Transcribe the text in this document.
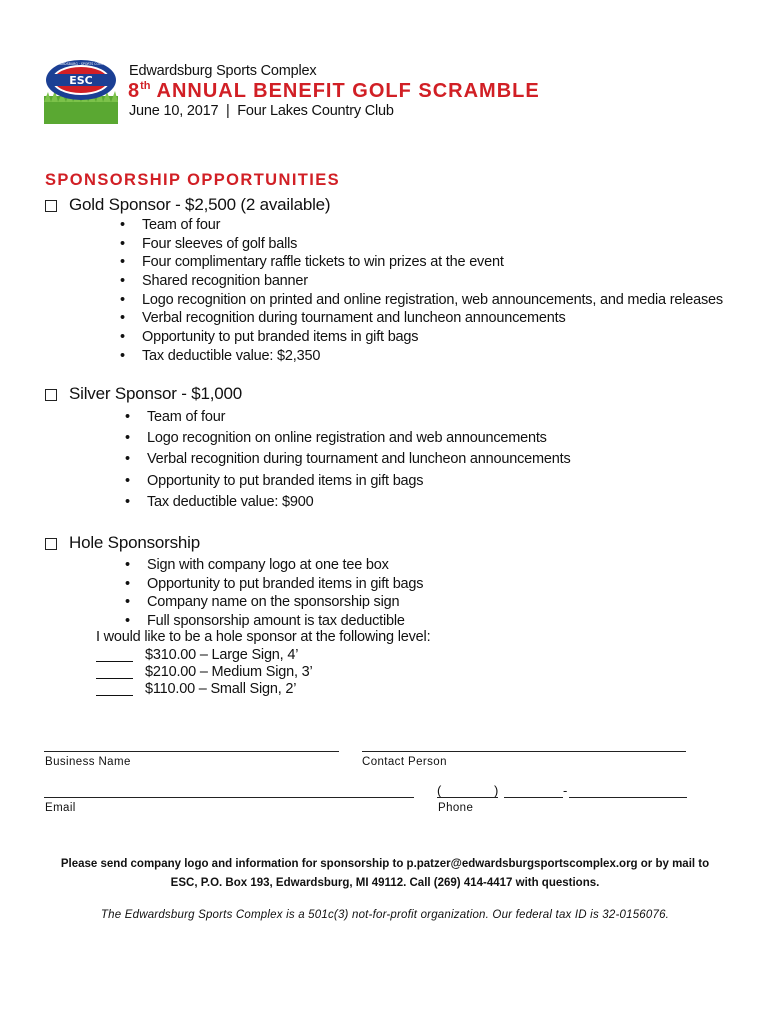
ESC
EDWARDSBURG · SPORTS COMPLEX Edwardsburg Sports Complex
8th ANNUAL BENEFIT GOLF SCRAMBLE
June 10, 2017  |  Four Lakes Country Club
SPONSORSHIP OPPORTUNITIES
Gold Sponsor - $2,500 (2 available)
• Team of four
• Four sleeves of golf balls
• Four complimentary raffle tickets to win prizes at the event
• Shared recognition banner
• Logo recognition on printed and online registration, web announcements, and media releases
• Verbal recognition during tournament and luncheon announcements
• Opportunity to put branded items in gift bags
• Tax deductible value: $2,350
Silver Sponsor - $1,000
• Team of four
• Logo recognition on online registration and web announcements
• Verbal recognition during tournament and luncheon announcements
• Opportunity to put branded items in gift bags
• Tax deductible value: $900
Hole Sponsorship
• Sign with company logo at one tee box
• Opportunity to put branded items in gift bags
• Company name on the sponsorship sign
• Full sponsorship amount is tax deductible
I would like to be a hole sponsor at the following level:
$310.00 – Large Sign, 4’
$210.00 – Medium Sign, 3’
$110.00 – Small Sign, 2’
Business Name	Contact Person
(	)	-
Email	Phone
Please send company logo and information for sponsorship to p.patzer@edwardsburgsportscomplex.org or by mail to
ESC, P.O. Box 193, Edwardsburg, MI 49112. Call (269) 414-4417 with questions.
The Edwardsburg Sports Complex is a 501c(3) not-for-profit organization. Our federal tax ID is 32-0156076.
